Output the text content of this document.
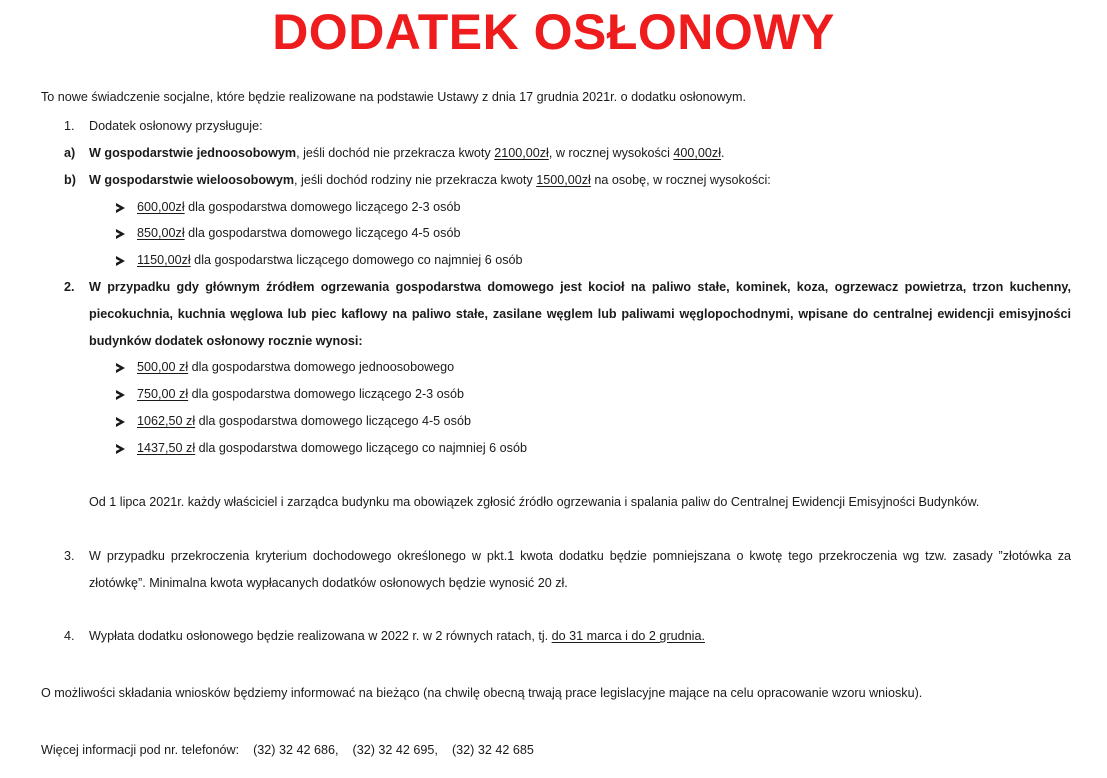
DODATEK OSŁONOWY
To nowe świadczenie socjalne, które będzie realizowane na podstawie Ustawy z dnia 17 grudnia 2021r. o dodatku osłonowym.
1. Dodatek osłonowy przysługuje:
a) W gospodarstwie jednoosobowym, jeśli dochód nie przekracza kwoty 2100,00zł, w rocznej wysokości 400,00zł.
b) W gospodarstwie wieloosobowym, jeśli dochód rodziny nie przekracza kwoty 1500,00zł na osobę, w rocznej wysokości:
600,00zł dla gospodarstwa domowego liczącego 2-3 osób
850,00zł dla gospodarstwa domowego liczącego 4-5 osób
1150,00zł dla gospodarstwa liczącego domowego co najmniej 6 osób
2. W przypadku gdy głównym źródłem ogrzewania gospodarstwa domowego jest kocioł na paliwo stałe, kominek, koza, ogrzewacz powietrza, trzon kuchenny, piecokuchnia, kuchnia węglowa lub piec kaflowy na paliwo stałe, zasilane węglem lub paliwami węglopochodnymi, wpisane do centralnej ewidencji emisyjności budynków dodatek osłonowy rocznie wynosi:
500,00 zł dla gospodarstwa domowego jednoosobowego
750,00 zł dla gospodarstwa domowego liczącego 2-3 osób
1062,50 zł dla gospodarstwa domowego liczącego 4-5 osób
1437,50 zł dla gospodarstwa domowego liczącego co najmniej 6 osób
Od 1 lipca 2021r. każdy właściciel i zarządca budynku ma obowiązek zgłosić źródło ogrzewania i spalania paliw do Centralnej Ewidencji Emisyjności Budynków.
3. W przypadku przekroczenia kryterium dochodowego określonego w pkt.1 kwota dodatku będzie pomniejszana o kwotę tego przekroczenia wg tzw. zasady ”złotówka za złotówkę”. Minimalna kwota wypłacanych dodatków osłonowych będzie wynosić 20 zł.
4. Wypłata dodatku osłonowego będzie realizowana w 2022 r. w 2 równych ratach, tj. do 31 marca i do 2 grudnia.
O możliwości składania wniosków będziemy informować na bieżąco (na chwilę obecną trwają prace legislacyjne mające na celu opracowanie wzoru wniosku).
Więcej informacji pod nr. telefonów: (32) 32 42 686, (32) 32 42 695, (32) 32 42 685
